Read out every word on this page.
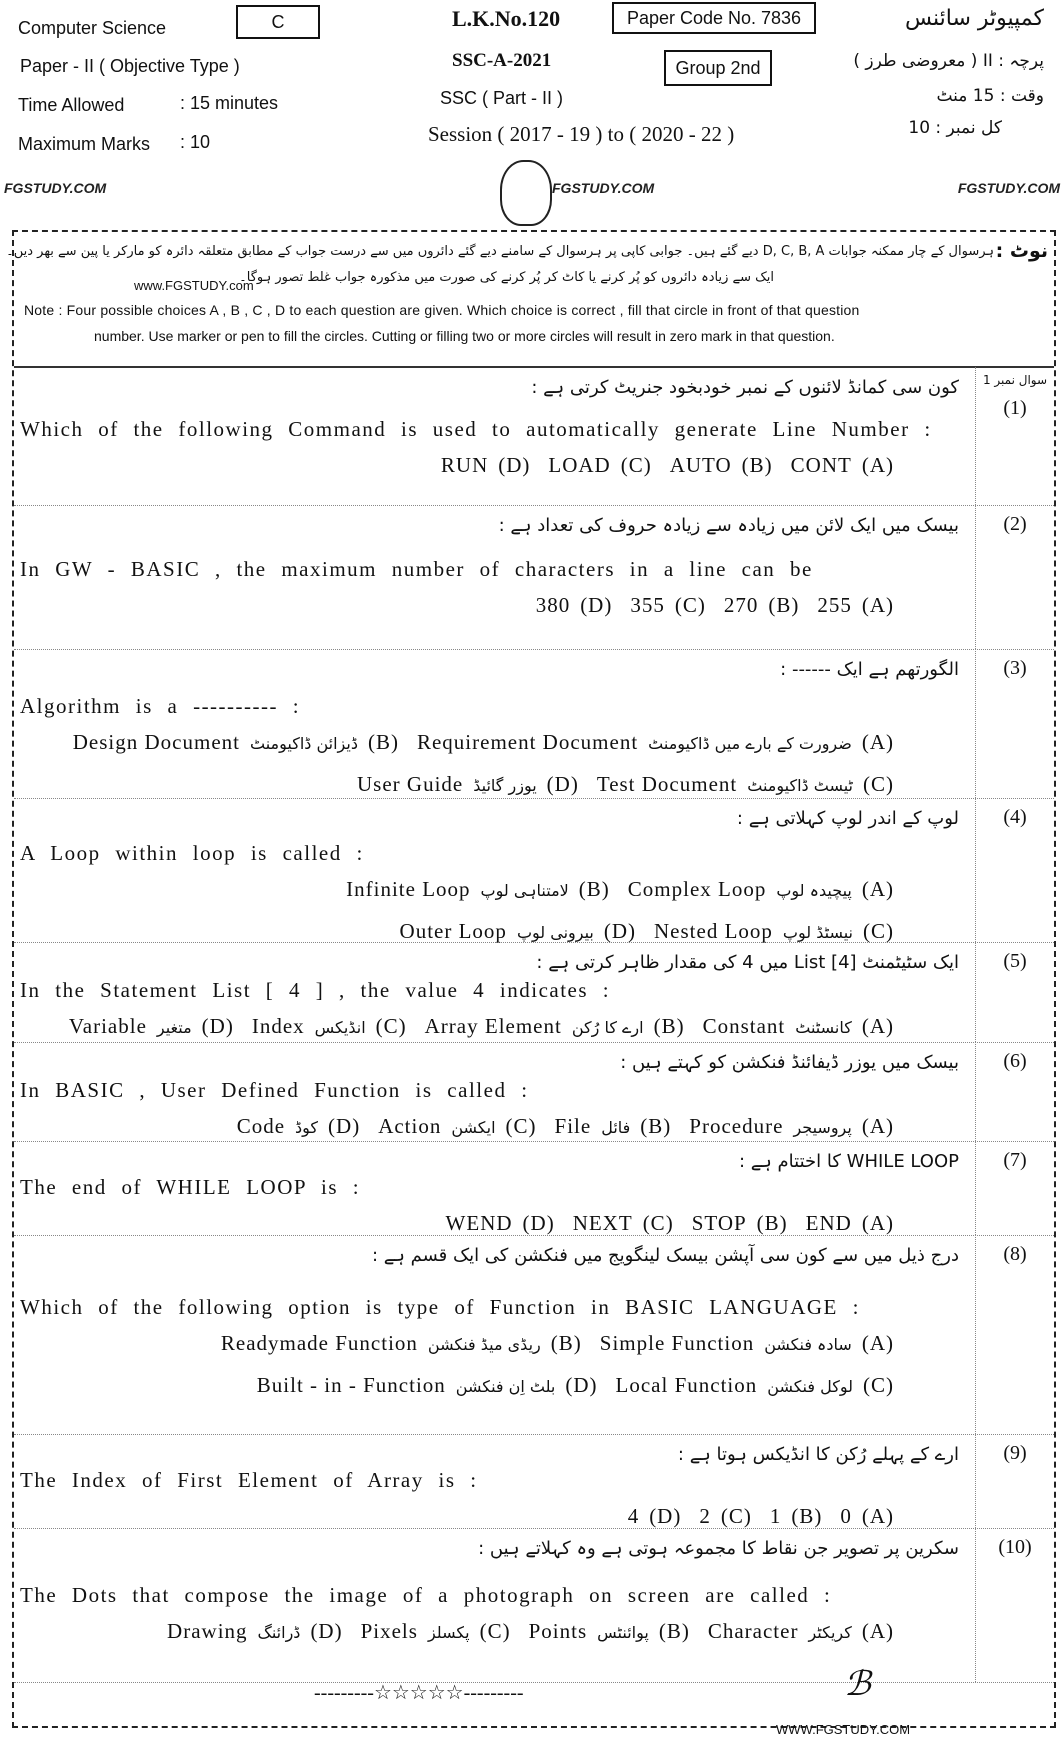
Computer Science	C	L.K.No.120	Paper Code No. 7836	کمپیوٹر سائنس
Paper - II ( Objective Type )	SSC-A-2021	Group 2nd	پرچہ : II ( معروضی طرز )
Time Allowed	: 15 minutes	SSC ( Part - II )	وقت : 15 منٹ
Maximum Marks : 10	Session ( 2017 - 19 ) to ( 2020 - 22 )	کل نمبر : 10
FGSTUDY.COM	FGSTUDY.COM	FGSTUDY.COM
نوٹ :
ہرسوال کے چار ممکنہ جوابات D, C, B, A دیے گئے ہیں۔ جوابی کاپی پر ہرسوال کے سامنے دیے گئے دائروں میں سے درست جواب کے مطابق متعلقہ دائرہ کو مارکر یا پین سے بھر دیں۔
ایک سے زیادہ دائروں کو پُر کرنے یا کاٹ کر پُر کرنے کی صورت میں مذکورہ جواب غلط تصور ہوگا۔
www.FGSTUDY.com
Note : Four possible choices A , B , C , D to each question are given. Which choice is correct , fill that circle in front of that question
number. Use marker or pen to fill the circles. Cutting or filling two or more circles will result in zero mark in that question.
سوال نمبر 1
(1)
کون سی کمانڈ لائنوں کے نمبر خودبخود جنریٹ کرتی ہے :
Which of the following Command is used to automatically generate Line Number :
CONT (A)
AUTO (B)
LOAD (C)
RUN (D)
(2)
بیسک میں ایک لائن میں زیادہ سے زیادہ حروف کی تعداد ہے :
In GW - BASIC , the maximum number of characters in a line can be
255 (A)
270 (B)
355 (C)
380 (D)
(3)
الگورتھم ہے ایک ------ :
Algorithm is a ---------- :
Requirement Document ضرورت کے بارے میں ڈاکیومنٹ (A)
Design Document ڈیزائن ڈاکیومنٹ (B)
Test Document ٹیسٹ ڈاکیومنٹ (C)
User Guide یوزر گائیڈ (D)
(4)
لوپ کے اندر لوپ کہلاتی ہے :
A Loop within loop is called :
Complex Loop پیچیدہ لوپ (A)
Infinite Loop لامتناہی لوپ (B)
Nested Loop نیسٹڈ لوپ (C)
Outer Loop بیرونی لوپ (D)
(5)
ایک سٹیٹمنٹ [4] List میں 4 کی مقدار ظاہر کرتی ہے :
In the Statement List [ 4 ] , the value 4 indicates :
Constant کانسٹنٹ (A)
Array Element ارے کا رُکن (B)
Index انڈیکس (C)
Variable متغیر (D)
(6)
بیسک میں یوزر ڈیفائنڈ فنکشن کو کہتے ہیں :
In BASIC , User Defined Function is called :
Procedure پروسیجر (A)
File فائل (B)
Action ایکشن (C)
Code کوڈ (D)
(7)
WHILE LOOP کا اختتام ہے :
The end of WHILE LOOP is :
END (A)
STOP (B)
NEXT (C)
WEND (D)
(8)
درج ذیل میں سے کون سی آپشن بیسک لینگویج میں فنکشن کی ایک قسم ہے :
Which of the following option is type of Function in BASIC LANGUAGE :
Simple Function سادہ فنکشن (A)
Readymade Function ریڈی میڈ فنکشن (B)
Local Function لوکل فنکشن (C)
Built - in - Function بلٹ اِن فنکشن (D)
(9)
ارے کے پہلے رُکن کا انڈیکس ہوتا ہے :
The Index of First Element of Array is :
0 (A)
1 (B)
2 (C)
4 (D)
(10)
سکرین پر تصویر جن نقاط کا مجموعہ ہوتی ہے وہ کہلاتے ہیں :
The Dots that compose the image of a photograph on screen are called :
Character کریکٹر (A)
Points پوائنٹس (B)
Pixels پکسلز (C)
Drawing ڈرائنگ (D)
---------☆☆☆☆☆---------	ℬ
WWW.FGSTUDY.COM
